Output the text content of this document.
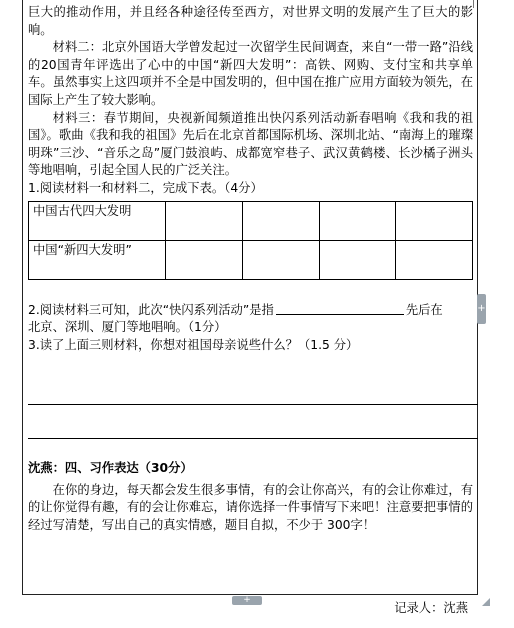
巨大的推动作用，并且经各种途径传至西方，对世界文明的发展产生了巨大的影响。

材料二：北京外国语大学曾发起过一次留学生民间调查，来自“一带一路”沿线的20国青年评选出了心中的中国“新四大发明”：高铁、网购、支付宝和共享单车。虽然事实上这四项并不全是中国发明的，但中国在推广应用方面较为领先，在国际上产生了较大影响。

材料三：春节期间，央视新闻频道推出快闪系列活动新春唱响《我和我的祖国》。歌曲《我和我的祖国》先后在北京首都国际机场、深圳北站、“南海上的璀璨明珠”三沙、“音乐之岛”厦门鼓浪屿、成都宽窄巷子、武汉黄鹤楼、长沙橘子洲头等地唱响，引起全国人民的广泛关注。

1.阅读材料一和材料二，完成下表。（4分）

中国古代四大发明				
中国“新四大发明”				

2.阅读材料三可知，此次“快闪系列活动”是指	先后在

北京、深圳、厦门等地唱响。（1分）

3.读了上面三则材料，你想对祖国母亲说些什么？（1.5 分）

沈燕：四、习作表达（30分）

在你的身边，每天都会发生很多事情，有的会让你高兴，有的会让你难过，有的让你觉得有趣，有的会让你难忘，请你选择一件事情写下来吧！注意要把事情的经过写清楚，写出自己的真实情感，题目自拟，不少于 300字！

+
+
记录人：沈燕
